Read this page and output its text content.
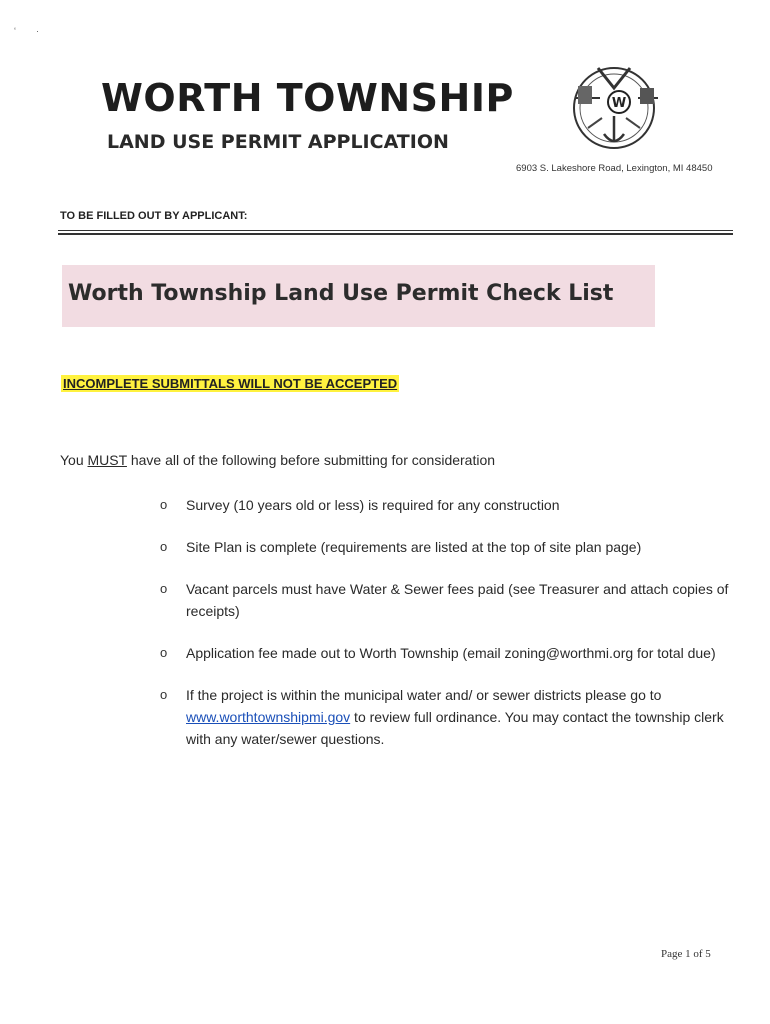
‘        ·
WORTH TOWNSHIP
LAND USE PERMIT APPLICATION
W
6903 S. Lakeshore Road, Lexington, MI 48450
TO BE FILLED OUT BY APPLICANT:
Worth Township Land Use Permit Check List
INCOMPLETE SUBMITTALS WILL NOT BE ACCEPTED
You MUST have all of the following before submitting for consideration
o Survey (10 years old or less) is required for any construction
o Site Plan is complete (requirements are listed at the top of site plan page)
o Vacant parcels must have Water & Sewer fees paid (see Treasurer and attach copies of receipts)
o Application fee made out to Worth Township (email zoning@worthmi.org for total due)
o If the project is within the municipal water and/ or sewer districts please go to www.worthtownshipmi.gov to review full ordinance. You may contact the township clerk with any water/sewer questions.
Page 1 of 5
